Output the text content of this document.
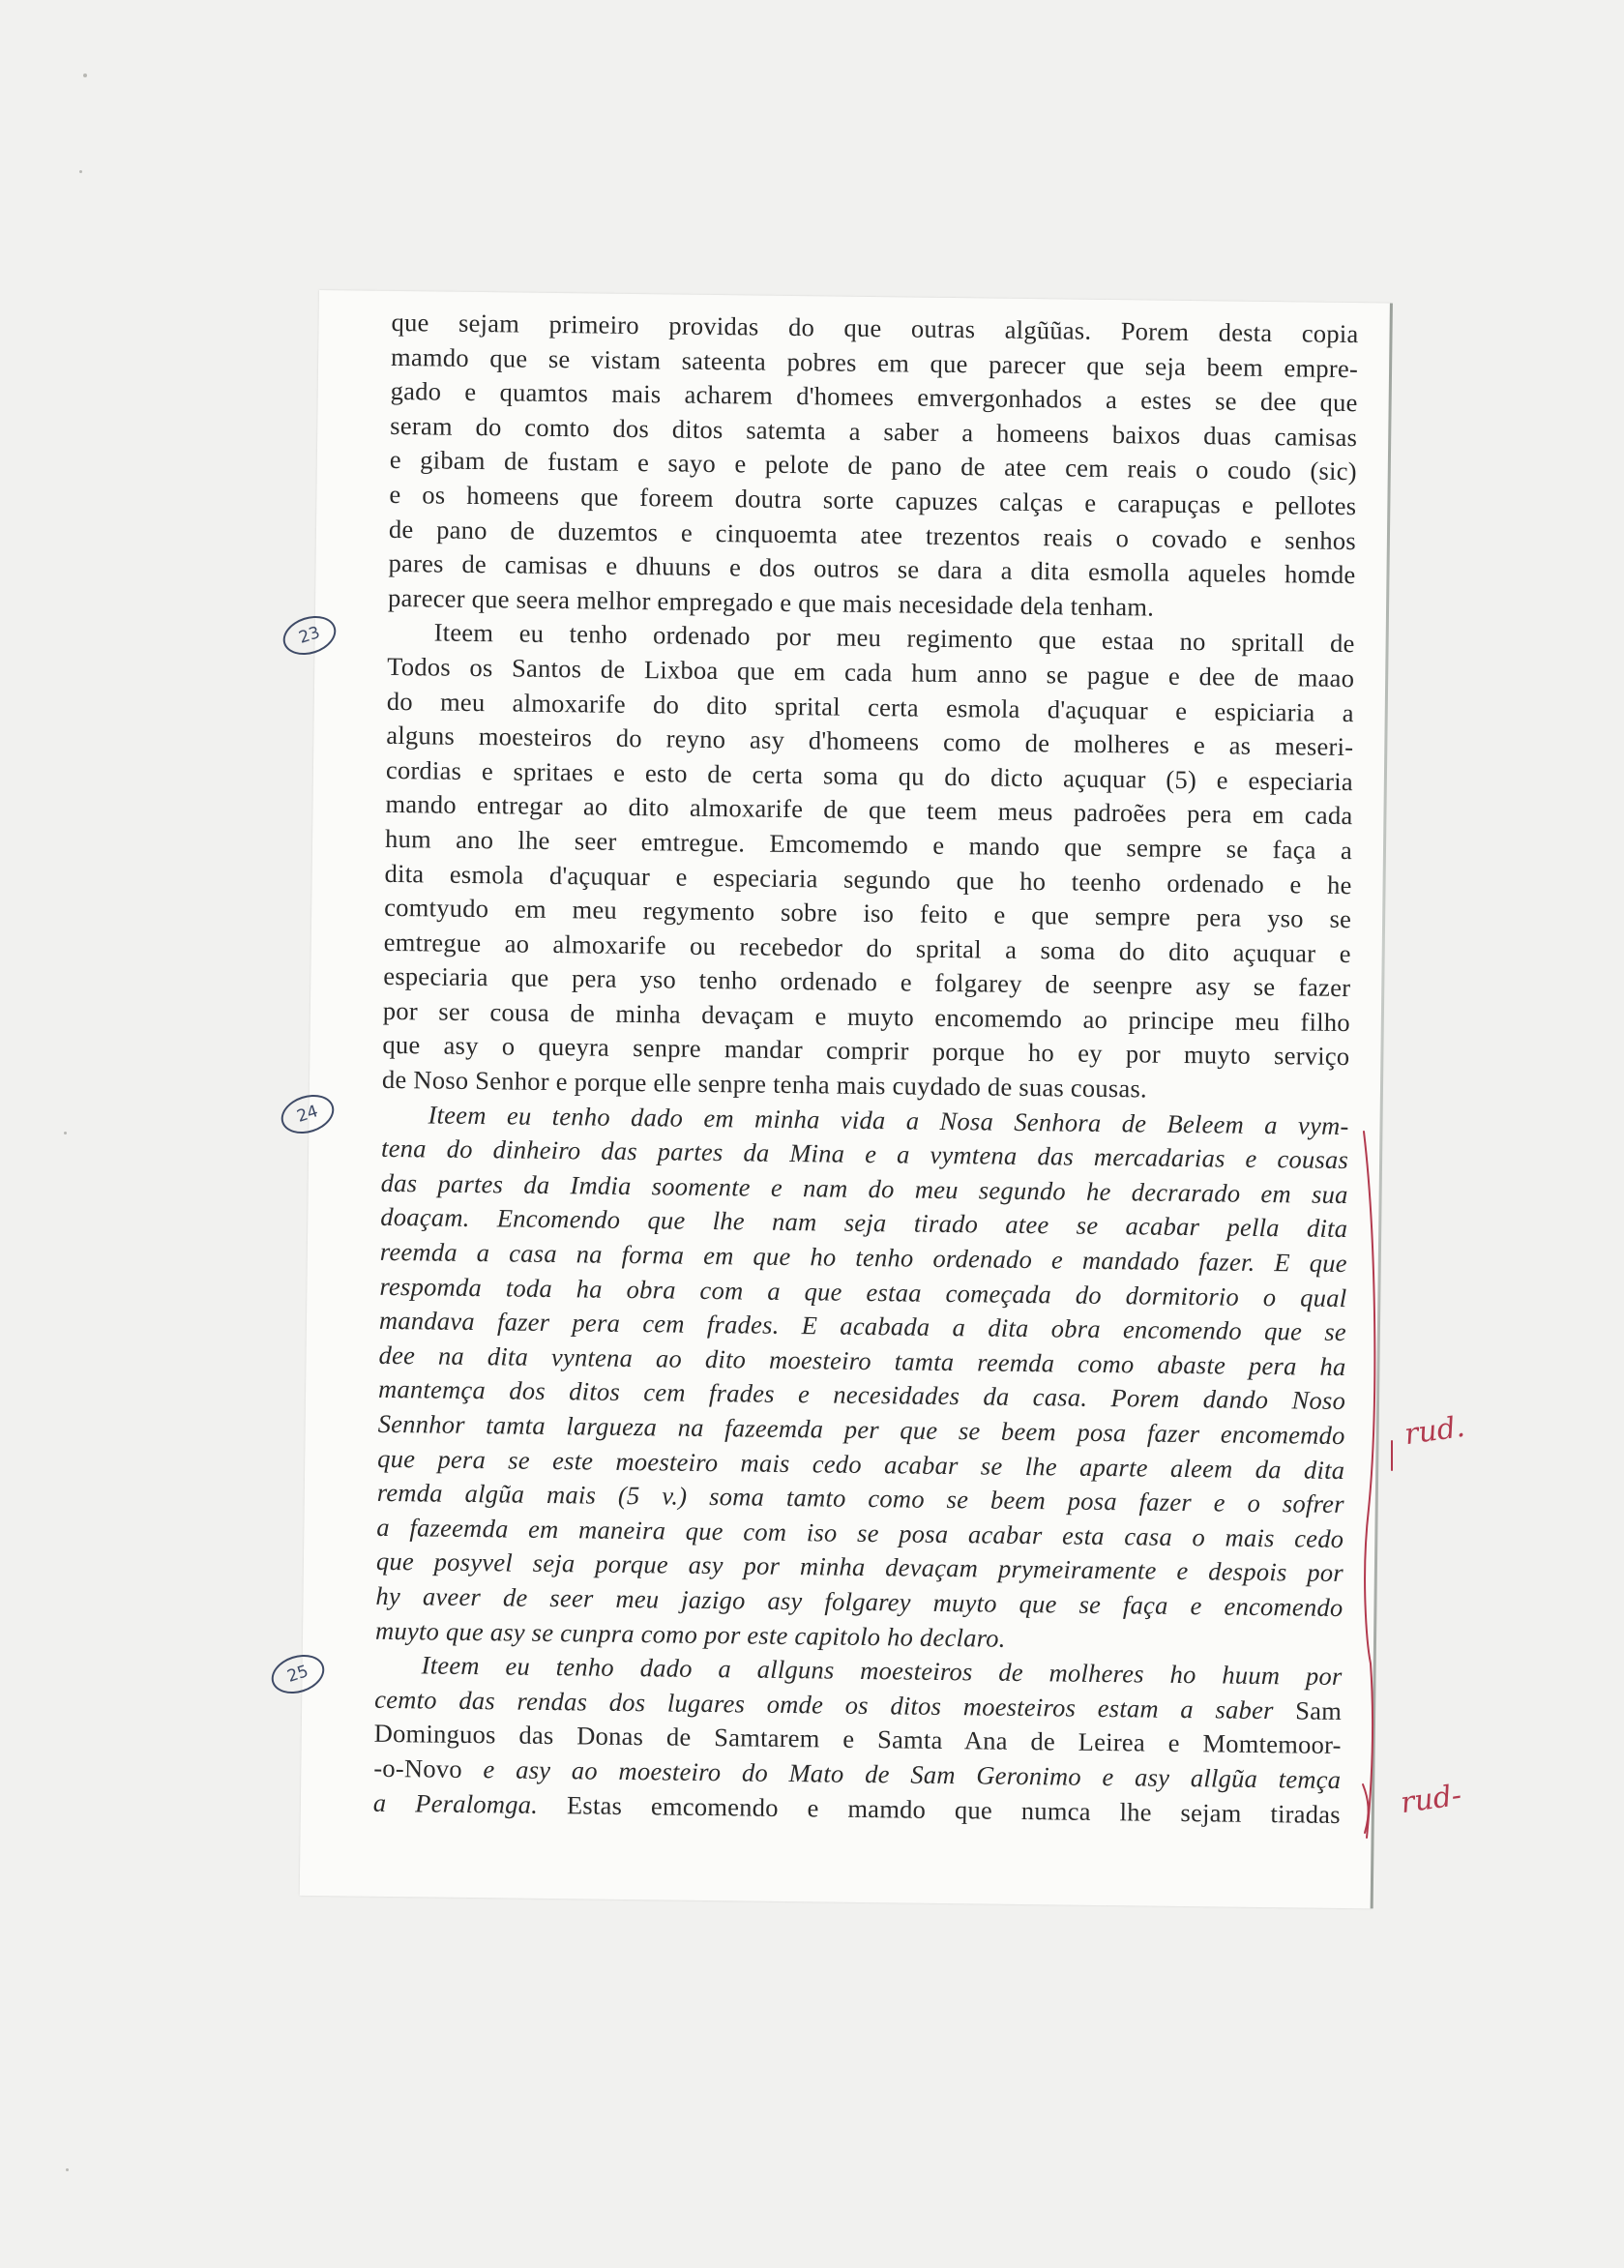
que sejam primeiro providas do que outras algũũas. Porem desta copia
mamdo que se vistam sateenta pobres em que parecer que seja beem empre-
gado e quamtos mais acharem d'homees emvergonhados a estes se dee que
seram do comto dos ditos satemta a saber a homeens baixos duas camisas
e gibam de fustam e sayo e pelote de pano de atee cem reais o coudo (sic)
e os homeens que foreem doutra sorte capuzes calças e carapuças e pellotes
de pano de duzemtos e cinquoemta atee trezentos reais o covado e senhos
pares de camisas e dhuuns e dos outros se dara a dita esmolla aqueles homde
parecer que seera melhor empregado e que mais necesidade dela tenham.

Iteem eu tenho ordenado por meu regimento que estaa no spritall de
Todos os Santos de Lixboa que em cada hum anno se pague e dee de maao
do meu almoxarife do dito sprital certa esmola d'açuquar e espiciaria a
alguns moesteiros do reyno asy d'homeens como de molheres e as meseri-
cordias e spritaes e esto de certa soma qu do dicto açuquar (5) e especiaria
mando entregar ao dito almoxarife de que teem meus padroẽes pera em cada
hum ano lhe seer emtregue. Emcomemdo e mando que sempre se faça a
dita esmola d'açuquar e especiaria segundo que ho teenho ordenado e he
comtyudo em meu regymento sobre iso feito e que sempre pera yso se
emtregue ao almoxarife ou recebedor do sprital a soma do dito açuquar e
especiaria que pera yso tenho ordenado e folgarey de seenpre asy se fazer
por ser cousa de minha devaçam e muyto encomemdo ao principe meu filho
que asy o queyra senpre mandar comprir porque ho ey por muyto serviço
de Noso Senhor e porque elle senpre tenha mais cuydado de suas cousas.

Iteem eu tenho dado em minha vida a Nosa Senhora de Beleem a vym-
tena do dinheiro das partes da Mina e a vymtena das mercadarias e cousas
das partes da Imdia soomente e nam do meu segundo he decrarado em sua
doaçam. Encomendo que lhe nam seja tirado atee se acabar pella dita
reemda a casa na forma em que ho tenho ordenado e mandado fazer. E que
respomda toda ha obra com a que estaa começada do dormitorio o qual
mandava fazer pera cem frades. E acabada a dita obra encomendo que se
dee na dita vyntena ao dito moesteiro tamta reemda como abaste pera ha
mantemça dos ditos cem frades e necesidades da casa. Porem dando Noso
Sennhor tamta largueza na fazeemda per que se beem posa fazer encomemdo
que pera se este moesteiro mais cedo acabar se lhe aparte aleem da dita
remda algũa mais (5 v.) soma tamto como se beem posa fazer e o sofrer
a fazeemda em maneira que com iso se posa acabar esta casa o mais cedo
que posyvel seja porque asy por minha devaçam prymeiramente e despois por
hy aveer de seer meu jazigo asy folgarey muyto que se faça e encomendo
muyto que asy se cunpra como por este capitolo ho declaro.

Iteem eu tenho dado a allguns moesteiros de molheres ho huum por
cemto das rendas dos lugares omde os ditos moesteiros estam a saber Sam
Dominguos das Donas de Samtarem e Samta Ana de Leirea e Momtemoor-
-o-Novo e asy ao moesteiro do Mato de Sam Geronimo e asy allgũa temça
a Peralomga. Estas emcomendo e mamdo que numca lhe sejam tiradas

23
24
25
rud.
rud-
